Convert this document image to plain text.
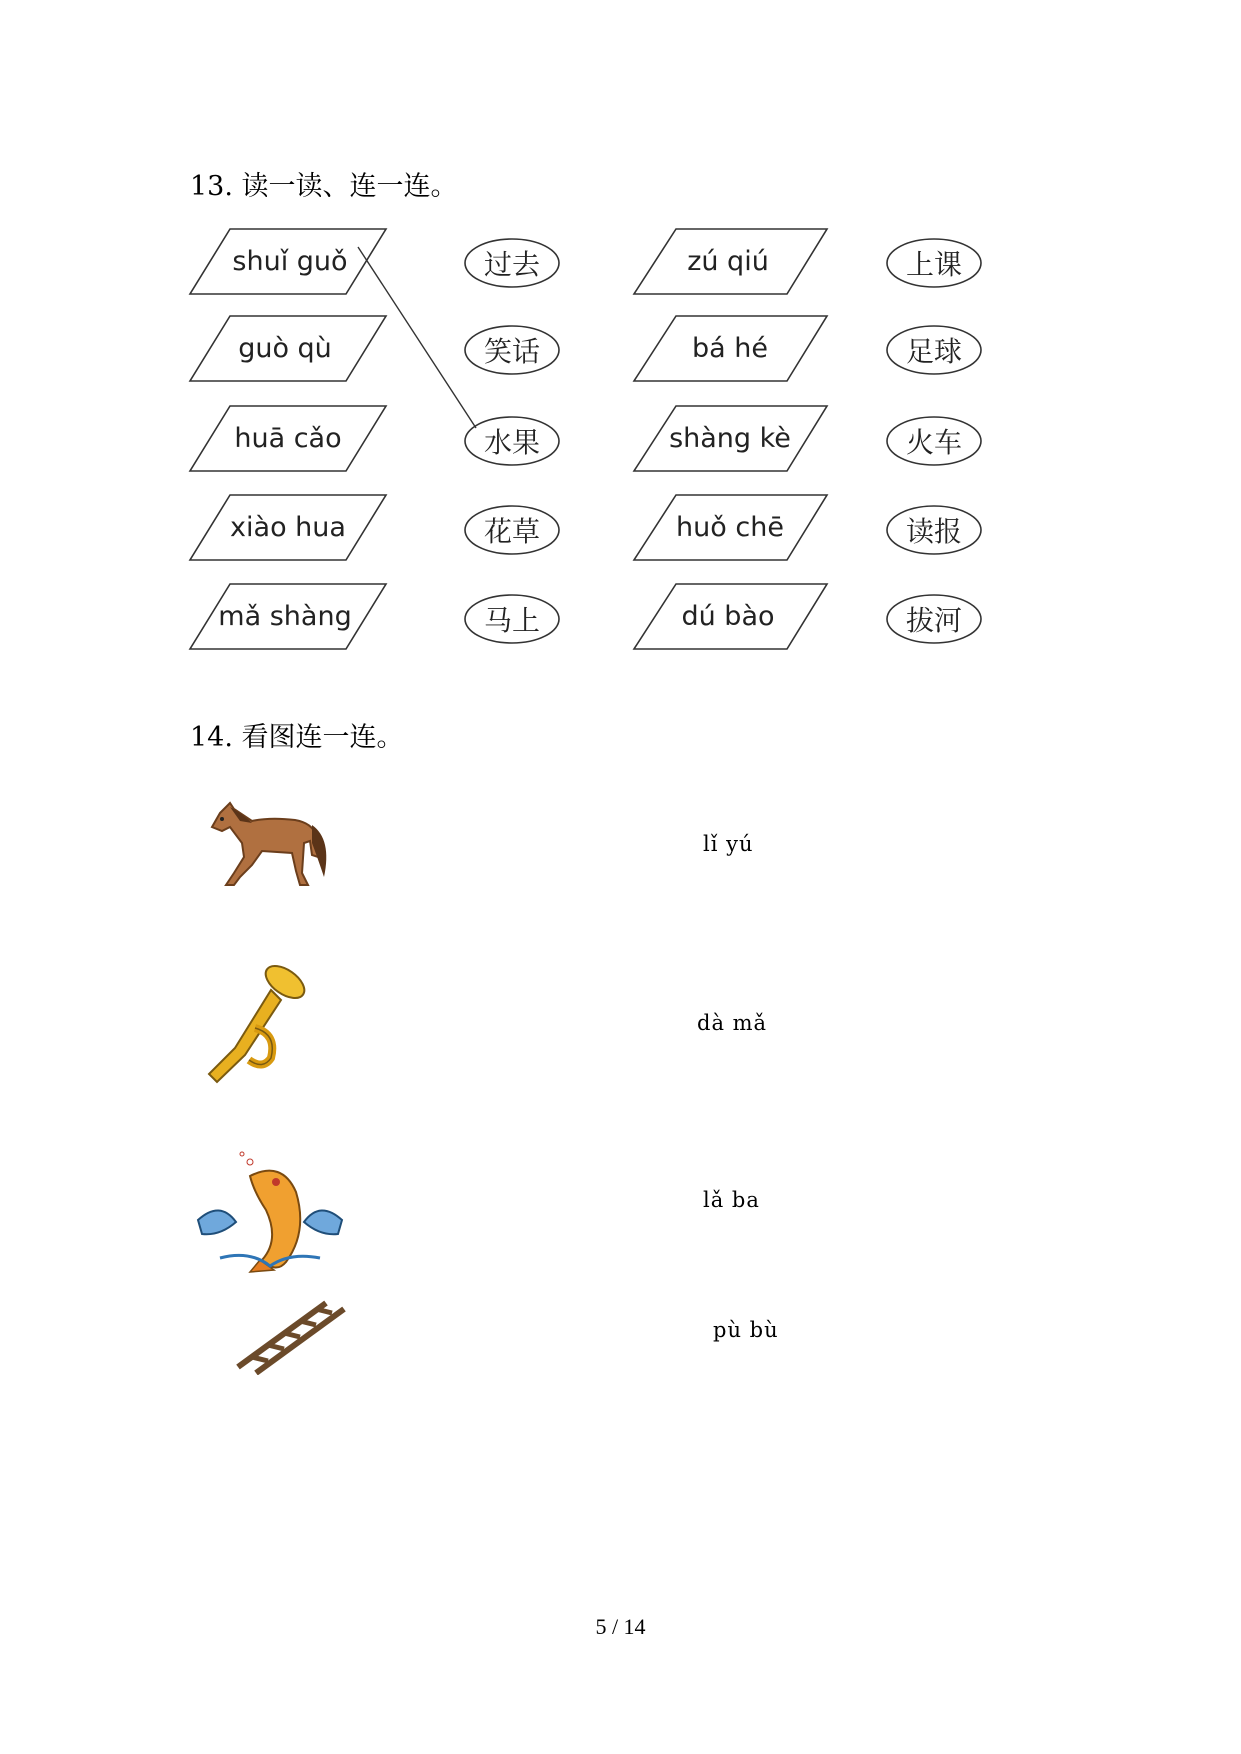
13. 读一读、连一连。
shuǐ guǒ
guò qù
huā cǎo
xiào hua
mǎ shàng
zú qiú
bá hé
shàng kè
huǒ chē
dú bào
过去
笑话
水果
花草
马上
上课
足球
火车
读报
拔河
14. 看图连一连。
lǐ yú
dà mǎ
lǎ ba
pù bù
5 / 14
